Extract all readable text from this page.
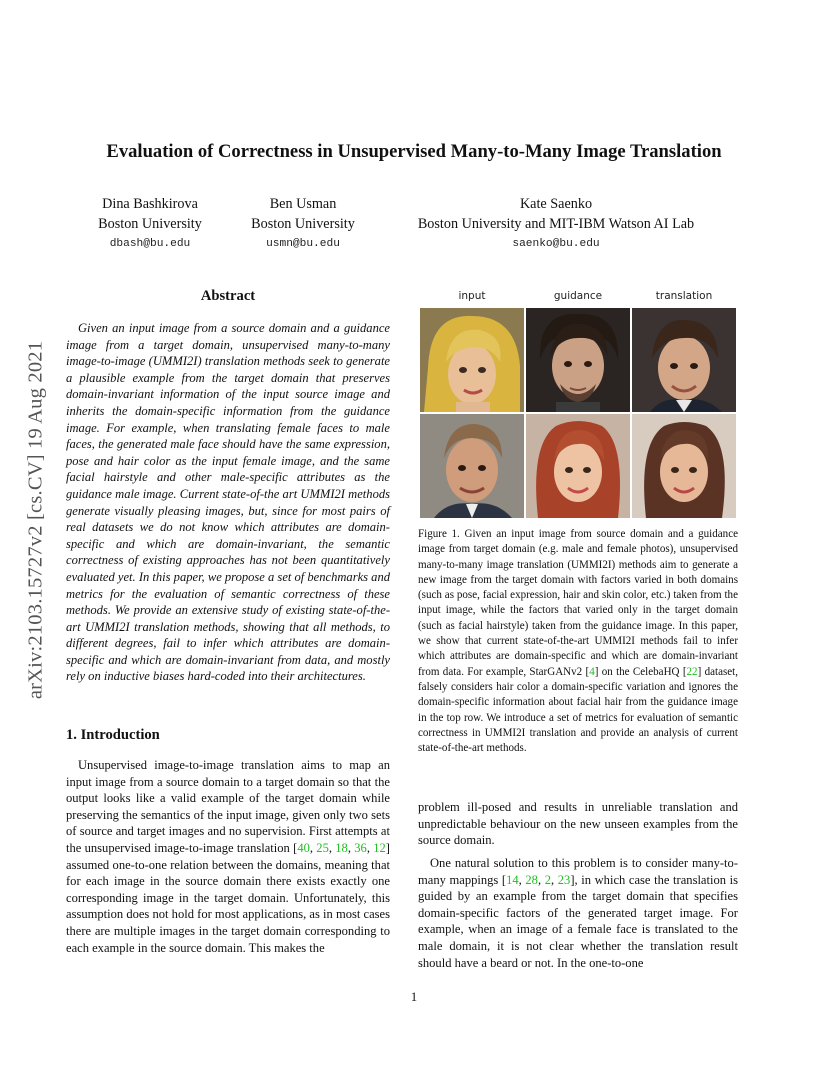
Evaluation of Correctness in Unsupervised Many-to-Many Image Translation
Dina Bashkirova
Boston University
dbash@bu.edu
Ben Usman
Boston University
usmn@bu.edu
Kate Saenko
Boston University and MIT-IBM Watson AI Lab
saenko@bu.edu
arXiv:2103.15727v2 [cs.CV] 19 Aug 2021
Abstract
Given an input image from a source domain and a guidance image from a target domain, unsupervised many-to-many image-to-image (UMMI2I) translation methods seek to generate a plausible example from the target domain that preserves domain-invariant information of the input source image and inherits the domain-specific information from the guidance image. For example, when translating female faces to male faces, the generated male face should have the same expression, pose and hair color as the input female image, and the same facial hairstyle and other male-specific attributes as the guidance male image. Current state-of-the art UMMI2I methods generate visually pleasing images, but, since for most pairs of real datasets we do not know which attributes are domain-specific and which are domain-invariant, the semantic correctness of existing approaches has not been quantitatively evaluated yet. In this paper, we propose a set of benchmarks and metrics for the evaluation of semantic correctness of these methods. We provide an extensive study of existing state-of-the-art UMMI2I translation methods, showing that all methods, to different degrees, fail to infer which attributes are domain-specific and which are domain-invariant from data, and mostly rely on inductive biases hard-coded into their architectures.
1. Introduction
Unsupervised image-to-image translation aims to map an input image from a source domain to a target domain so that the output looks like a valid example of the target domain while preserving the semantics of the input image, given only two sets of source and target images and no supervision. First attempts at the unsupervised image-to-image translation [40, 25, 18, 36, 12] assumed one-to-one relation between the domains, meaning that for each image in the source domain there exists exactly one corresponding image in the target domain. Unfortunately, this assumption does not hold for most applications, as in most cases there are multiple images in the target domain corresponding to each example in the source domain. This makes the
input	guidance	translation
Figure 1. Given an input image from source domain and a guidance image from target domain (e.g. male and female photos), unsupervised many-to-many image translation (UMMI2I) methods aim to generate a new image from the target domain with factors varied in both domains (such as pose, facial expression, hair and skin color, etc.) taken from the input image, while the factors that varied only in the target domain (such as facial hairstyle) taken from the guidance image. In this paper, we show that current state-of-the-art UMMI2I methods fail to infer which attributes are domain-specific and which are domain-invariant from data. For example, StarGANv2 [4] on the CelebaHQ [22] dataset, falsely considers hair color a domain-specific variation and ignores the domain-specific information about facial hair from the guidance image in the top row. We introduce a set of metrics for evaluation of semantic correctness in UMMI2I translation and provide an analysis of current state-of-the-art methods.
problem ill-posed and results in unreliable translation and unpredictable behaviour on the new unseen examples from the source domain.
One natural solution to this problem is to consider many-to-many mappings [14, 28, 2, 23], in which case the translation is guided by an example from the target domain that specifies domain-specific factors of the generated target image. For example, when an image of a female face is translated to the male domain, it is not clear whether the translation result should have a beard or not. In the one-to-one
1
